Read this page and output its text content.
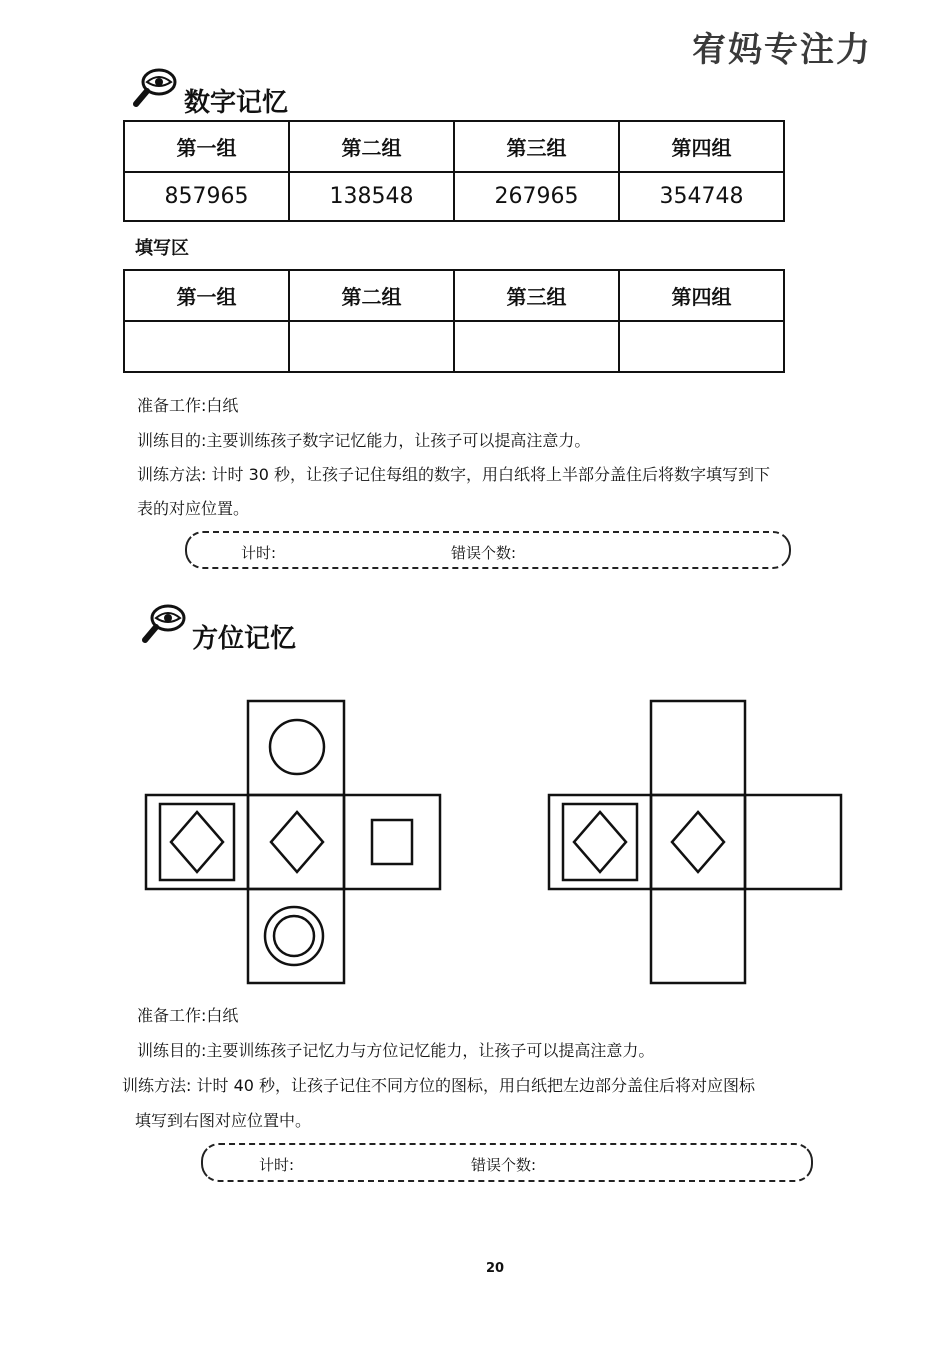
宥妈专注力
数字记忆
第一组	第二组	第三组	第四组
857965	138548	267965	354748
填写区
第一组	第二组	第三组	第四组

准备工作:白纸
训练目的:主要训练孩子数字记忆能力，让孩子可以提高注意力。
训练方法: 计时 30 秒，让孩子记住每组的数字，用白纸将上半部分盖住后将数字填写到下
表的对应位置。
计时:	错误个数:
方位记忆
准备工作:白纸
训练目的:主要训练孩子记忆力与方位记忆能力，让孩子可以提高注意力。
训练方法: 计时 40 秒，让孩子记住不同方位的图标，用白纸把左边部分盖住后将对应图标
填写到右图对应位置中。
计时:	错误个数:
20
